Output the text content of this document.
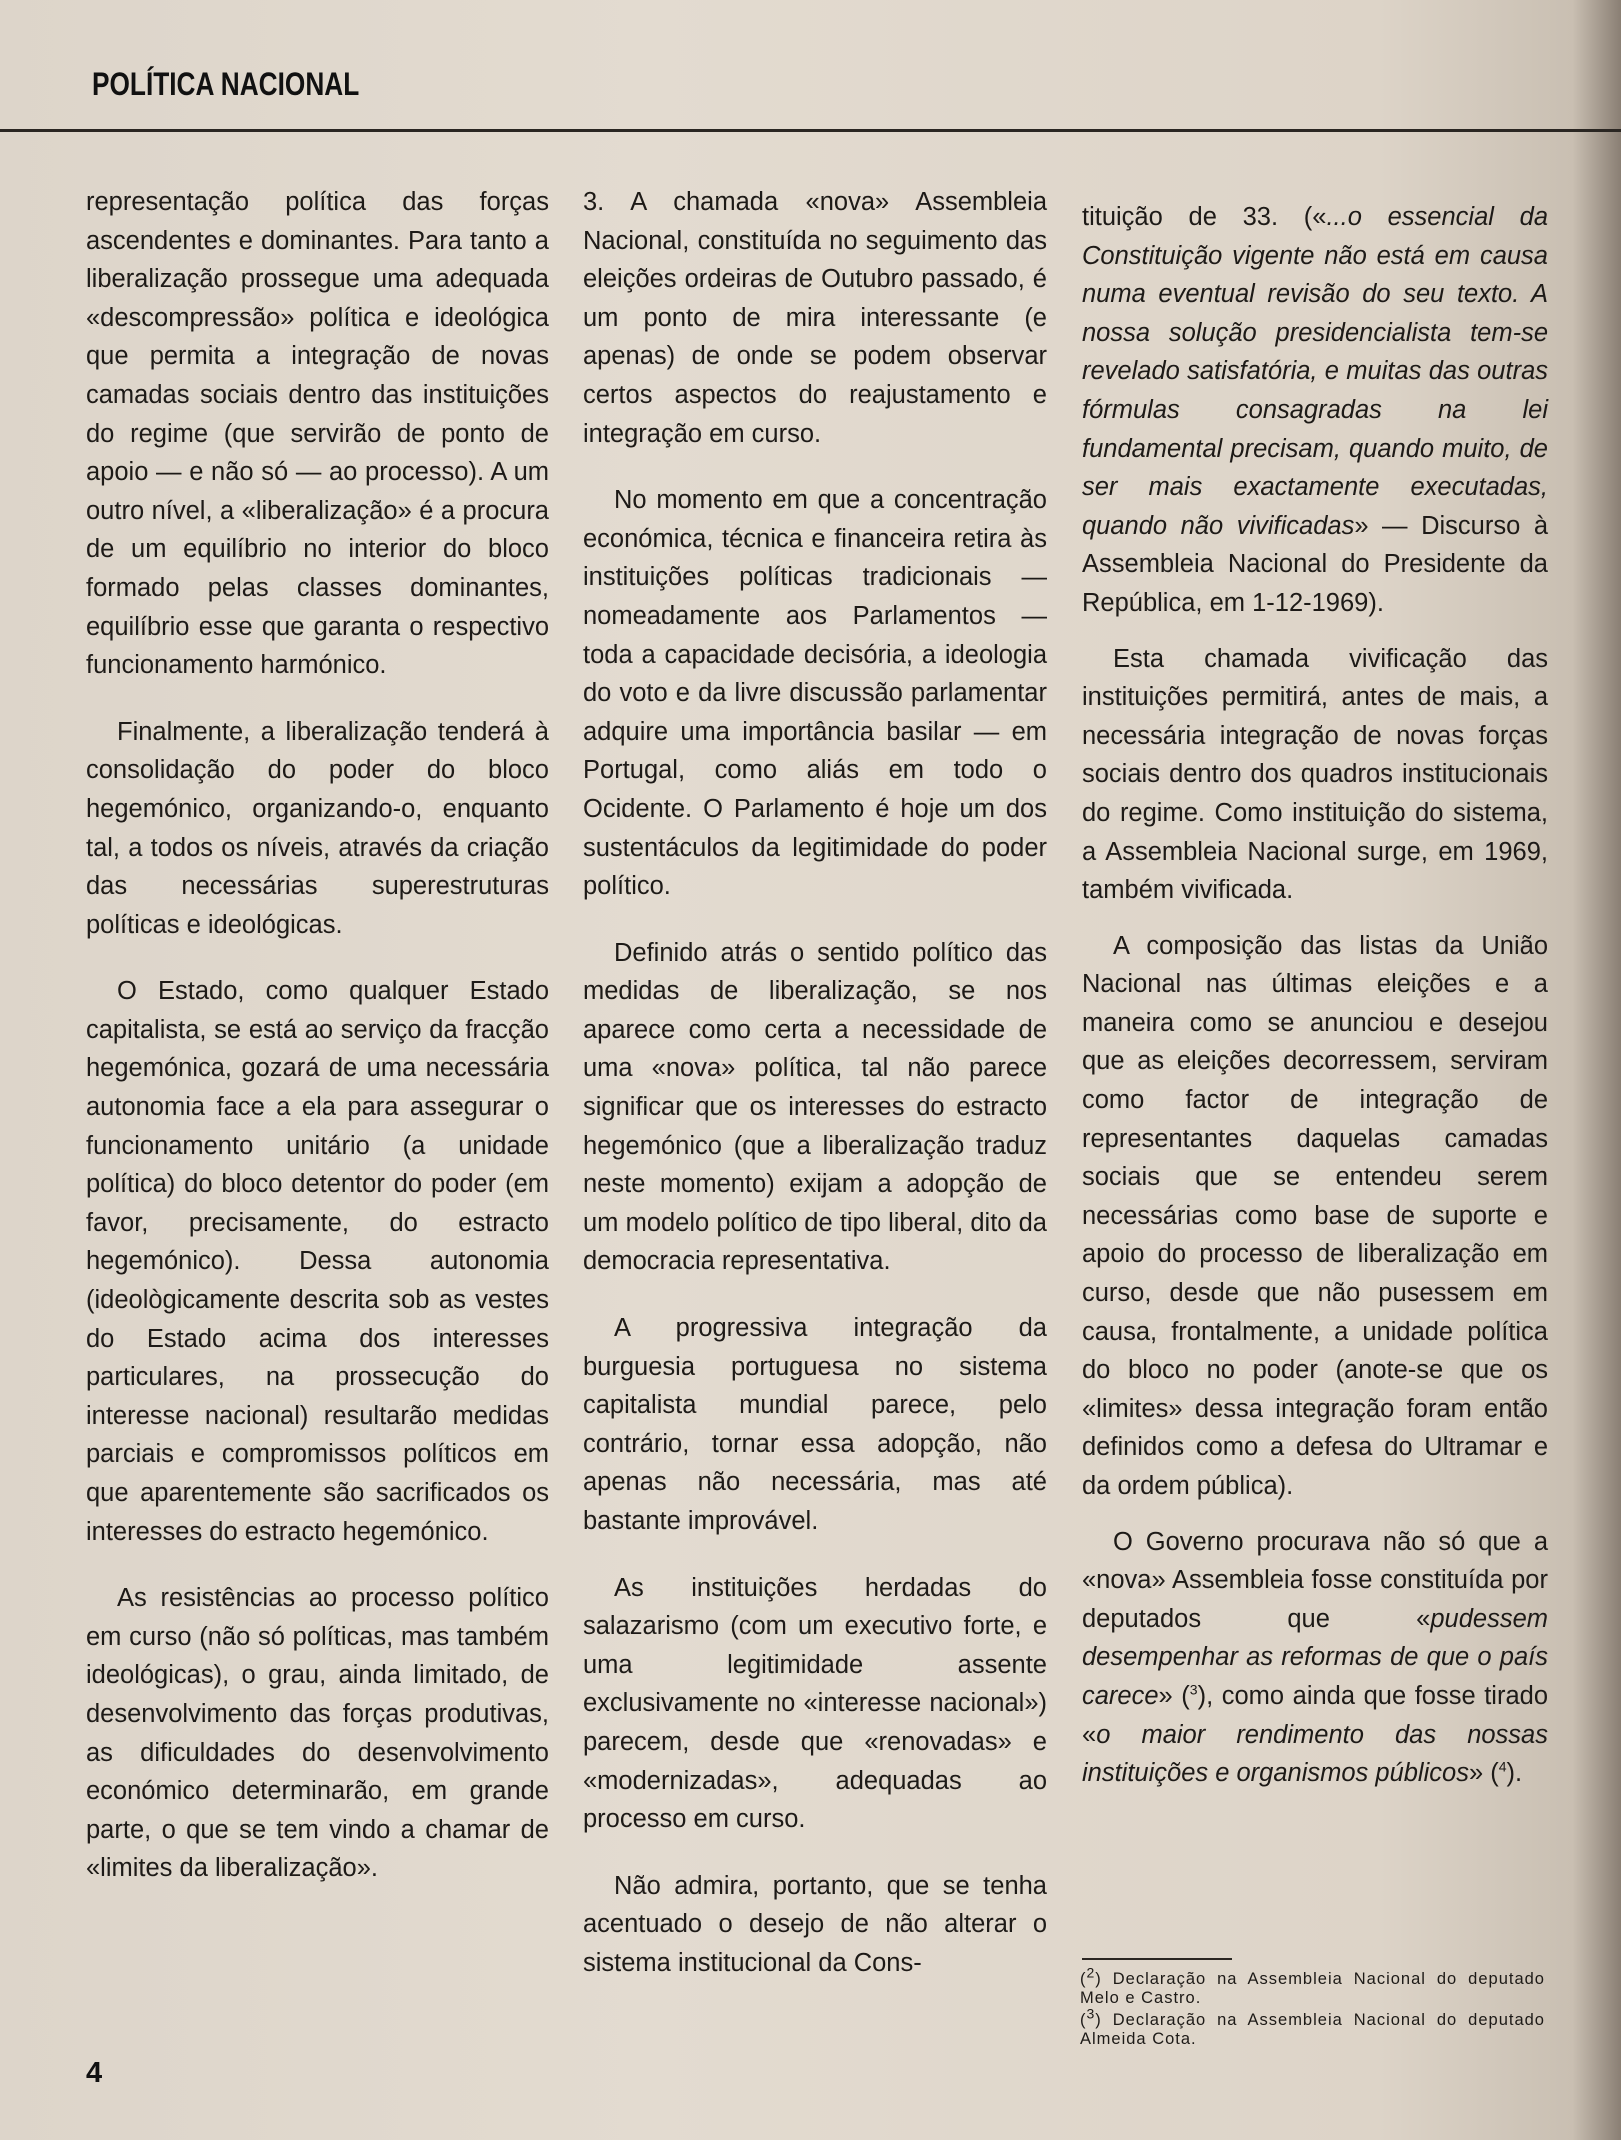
POLÍTICA NACIONAL

representação política das forças ascendentes e dominantes. Para tanto a liberalização prossegue uma adequada «descompressão» política e ideológica que permita a integração de novas camadas sociais dentro das instituições do regime (que servirão de ponto de apoio — e não só — ao processo). A um outro nível, a «liberalização» é a procura de um equilíbrio no interior do bloco formado pelas classes dominantes, equilíbrio esse que garanta o respectivo funcionamento harmónico.

Finalmente, a liberalização tenderá à consolidação do poder do bloco hegemónico, organizando-o, enquanto tal, a todos os níveis, através da criação das necessárias superestruturas políticas e ideológicas.

O Estado, como qualquer Estado capitalista, se está ao serviço da fracção hegemónica, gozará de uma necessária autonomia face a ela para assegurar o funcionamento unitário (a unidade política) do bloco detentor do poder (em favor, precisamente, do estracto hegemónico). Dessa autonomia (ideològicamente descrita sob as vestes do Estado acima dos interesses particulares, na prossecução do interesse nacional) resultarão medidas parciais e compromissos políticos em que aparentemente são sacrificados os interesses do estracto hegemónico.

As resistências ao processo político em curso (não só políticas, mas também ideológicas), o grau, ainda limitado, de desenvolvimento das forças produtivas, as dificuldades do desenvolvimento económico determinarão, em grande parte, o que se tem vindo a chamar de «limites da liberalização».

3. A chamada «nova» Assembleia Nacional, constituída no seguimento das eleições ordeiras de Outubro passado, é um ponto de mira interessante (e apenas) de onde se podem observar certos aspectos do reajustamento e integração em curso.

No momento em que a concentração económica, técnica e financeira retira às instituições políticas tradicionais — nomeadamente aos Parlamentos — toda a capacidade decisória, a ideologia do voto e da livre discussão parlamentar adquire uma importância basilar — em Portugal, como aliás em todo o Ocidente. O Parlamento é hoje um dos sustentáculos da legitimidade do poder político.

Definido atrás o sentido político das medidas de liberalização, se nos aparece como certa a necessidade de uma «nova» política, tal não parece significar que os interesses do estracto hegemónico (que a liberalização traduz neste momento) exijam a adopção de um modelo político de tipo liberal, dito da democracia representativa.

A progressiva integração da burguesia portuguesa no sistema capitalista mundial parece, pelo contrário, tornar essa adopção, não apenas não necessária, mas até bastante improvável.

As instituições herdadas do salazarismo (com um executivo forte, e uma legitimidade assente exclusivamente no «interesse nacional») parecem, desde que «renovadas» e «modernizadas», adequadas ao processo em curso.

Não admira, portanto, que se tenha acentuado o desejo de não alterar o sistema institucional da Cons-

tituição de 33. («...o essencial da Constituição vigente não está em causa numa eventual revisão do seu texto. A nossa solução presidencialista tem-se revelado satisfatória, e muitas das outras fórmulas consagradas na lei fundamental precisam, quando muito, de ser mais exactamente executadas, quando não vivificadas» — Discurso à Assembleia Nacional do Presidente da República, em 1-12-1969).

Esta chamada vivificação das instituições permitirá, antes de mais, a necessária integração de novas forças sociais dentro dos quadros institucionais do regime. Como instituição do sistema, a Assembleia Nacional surge, em 1969, também vivificada.

A composição das listas da União Nacional nas últimas eleições e a maneira como se anunciou e desejou que as eleições decorressem, serviram como factor de integração de representantes daquelas camadas sociais que se entendeu serem necessárias como base de suporte e apoio do processo de liberalização em curso, desde que não pusessem em causa, frontalmente, a unidade política do bloco no poder (anote-se que os «limites» dessa integração foram então definidos como a defesa do Ultramar e da ordem pública).

O Governo procurava não só que a «nova» Assembleia fosse constituída por deputados que «pudessem desempenhar as reformas de que o país carece» ($^3$), como ainda que fosse tirado «o maior rendimento das nossas instituições e organismos públicos» ($^4$).

($^2$) Declaração na Assembleia Nacional do deputado Melo e Castro.
($^3$) Declaração na Assembleia Nacional do deputado Almeida Cota.
4
